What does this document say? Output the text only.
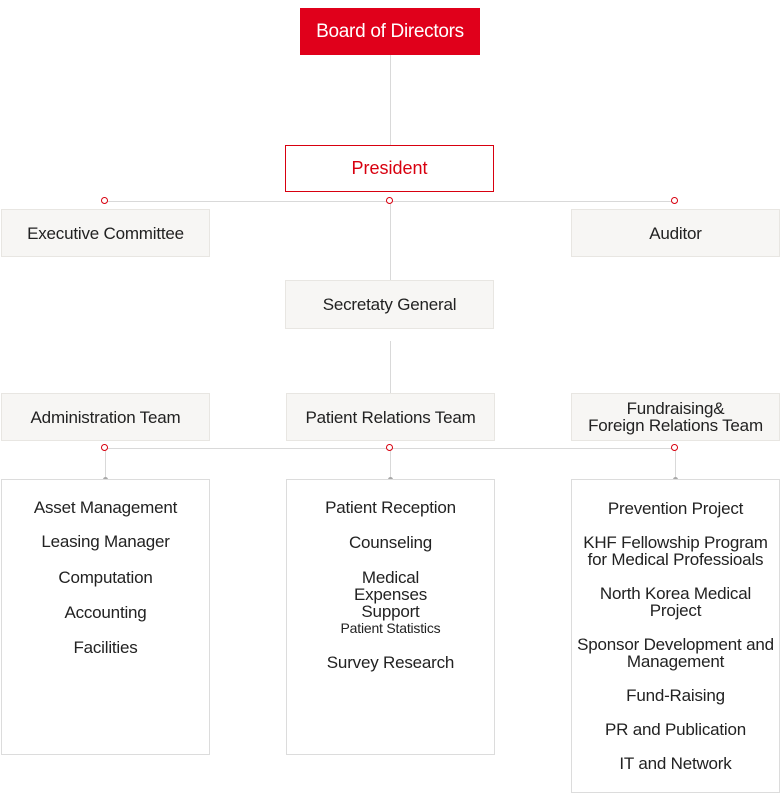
Board of Directors
President
Executive Committee	Auditor
Secretaty General
Administration Team	Patient Relations Team	Fundraising&
Foreign Relations Team
Asset Management
Leasing Manager
Computation
Accounting
Facilities
Patient Reception
Counseling
Medical Expenses Support
Patient Statistics
Survey Research
Prevention Project
KHF Fellowship Program for Medical Professioals
North Korea Medical Project
Sponsor Development and Management
Fund-Raising
PR and Publication
IT and Network
